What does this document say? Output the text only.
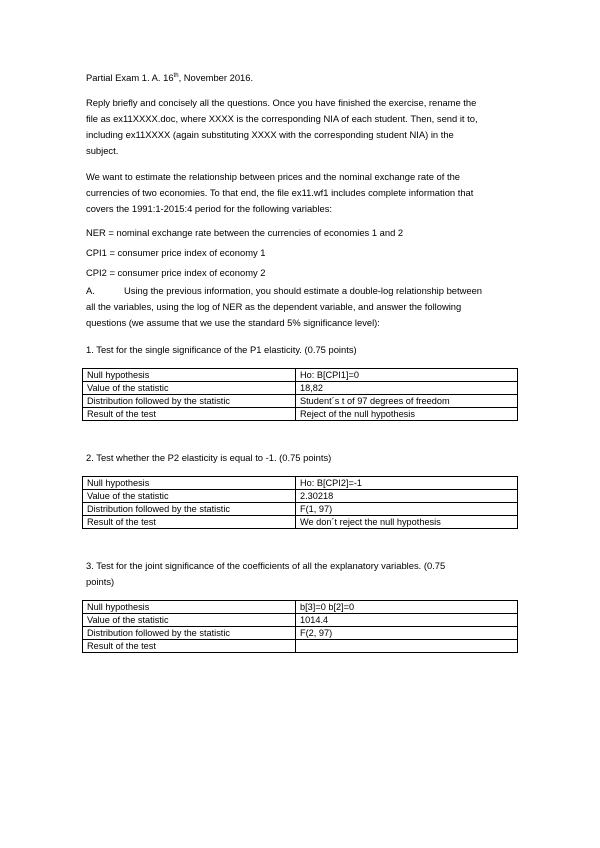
Partial Exam 1. A. 16th, November 2016.

Reply briefly and concisely all the questions. Once you have finished the exercise, rename the
file as ex11XXXX.doc, where XXXX is the corresponding NIA of each student. Then, send it to,
including ex11XXXX (again substituting XXXX with the corresponding student NIA) in the
subject.
We want to estimate the relationship between prices and the nominal exchange rate of the
currencies of two economies. To that end, the file ex11.wf1 includes complete information that
covers the 1991:1-2015:4 period for the following variables:

NER = nominal exchange rate between the currencies of economies 1 and 2

CPI1 = consumer price index of economy 1

CPI2 = consumer price index of economy 2

A.	Using the previous information, you should estimate a double-log relationship between
all the variables, using the log of NER as the dependent variable, and answer the following
questions (we assume that we use the standard 5% significance level):

1. Test for the single significance of the P1 elasticity. (0.75 points)

Null hypothesis	Ho: B[CPI1]=0
Value of the statistic	18,82
Distribution followed by the statistic	Student´s t of 97 degrees of freedom
Result of the test	Reject of the null hypothesis

2. Test whether the P2 elasticity is equal to -1. (0.75 points)

Null hypothesis	Ho: B[CPI2]=-1
Value of the statistic	2.30218
Distribution followed by the statistic	F(1, 97)
Result of the test	We don´t reject the null hypothesis
3. Test for the joint significance of the coefficients of all the explanatory variables. (0.75
points)
Null hypothesis	b[3]=0 b[2]=0
Value of the statistic	1014.4
Distribution followed by the statistic	F(2, 97)
Result of the test	
